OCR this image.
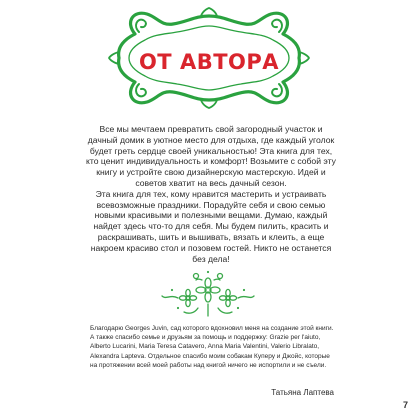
ОТ АВТОРА

Все мы мечтаем превратить свой загородный участок и дачный домик в уютное место для отдыха, где каждый уголок будет греть сердце своей уникальностью! Эта книга для тех, кто ценит индивидуальность и комфорт! Возьмите с собой эту книгу и устройте свою дизайнерскую мастерскую. Идей и советов хватит на весь дачный сезон.

Эта книга для тех, кому нравится мастерить и устраивать всевозможные праздники. Порадуйте себя и свою семью новыми красивыми и полезными вещами. Думаю, каждый найдет здесь что-то для себя. Мы будем пилить, красить и раскрашивать, шить и вышивать, вязать и клеить, а еще накроем красиво стол и позовем гостей. Никто не останется без дела!

Благодарю Georges Juvin, сад которого вдохновил меня на создание этой книги.

А также спасибо семье и друзьям за помощь и поддержку: Grazie per l'aiuto, Alberto Lucarini, Maria Teresa Catavero, Anna Maria Valentini, Valerio Libralato, Alexandra Lapteva. Отдельное спасибо моим собакам Куперу и Джойс, которые на протяжении всей моей работы над книгой ничего не испортили и не съели.

Татьяна Лаптева
7
